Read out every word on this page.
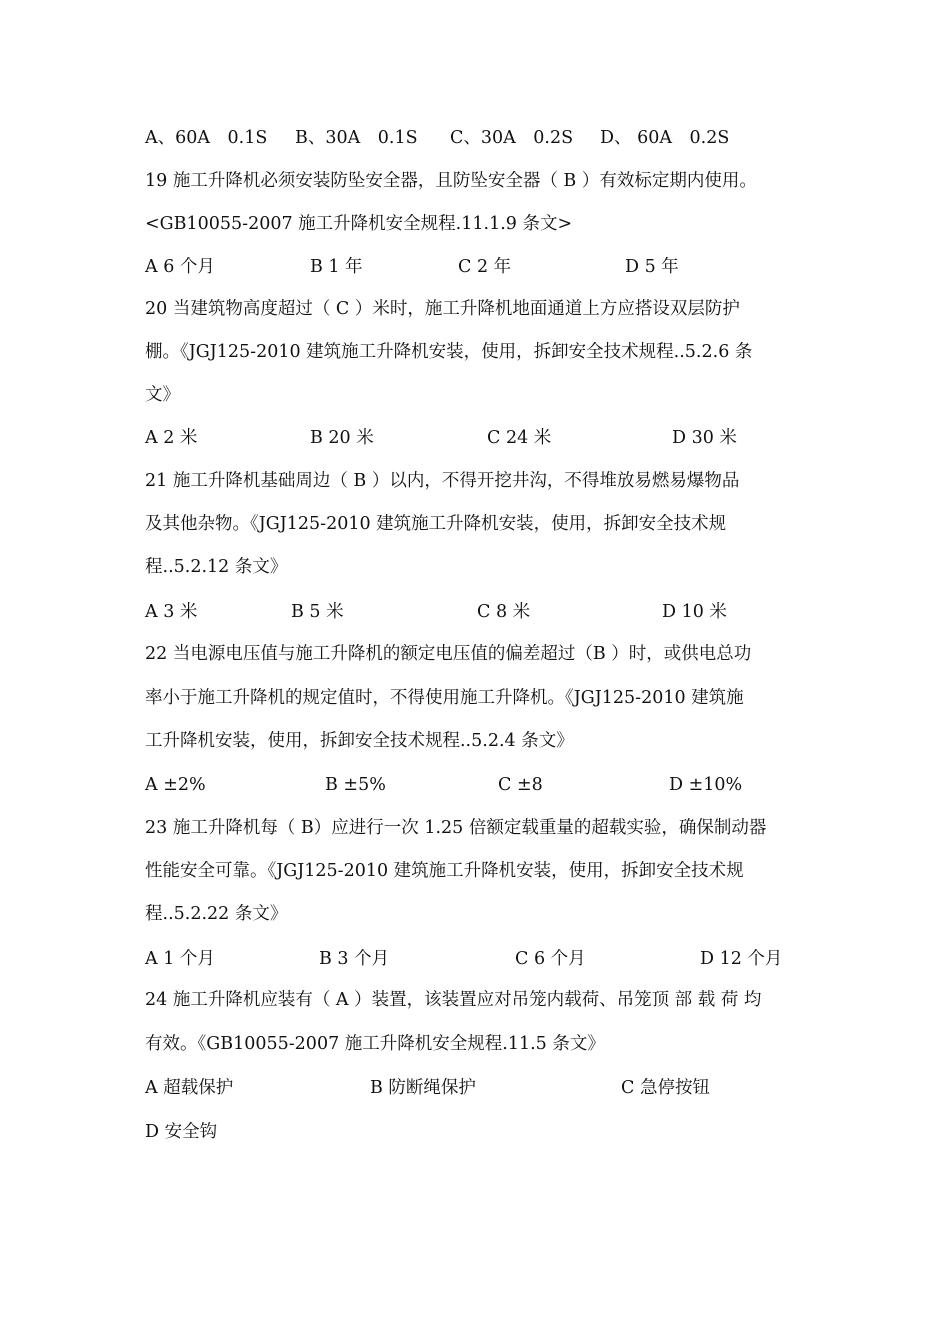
A、60A　0.1S B、30A　0.1S C、30A　0.2S D、 60A　0.2S
19 施工升降机必须安装防坠安全器，且防坠安全器（ B ）有效标定期内使用。
<GB10055-2007 施工升降机安全规程.11.1.9 条文>
A 6 个月	B 1 年	C 2 年	D 5 年
20 当建筑物高度超过（ C ）米时，施工升降机地面通道上方应搭设双层防护
棚。《JGJ125-2010 建筑施工升降机安装，使用，拆卸安全技术规程..5.2.6 条
文》
A 2 米	B 20 米	C 24 米	D 30 米
21 施工升降机基础周边（ B ）以内，不得开挖井沟，不得堆放易燃易爆物品
及其他杂物。《JGJ125-2010 建筑施工升降机安装，使用，拆卸安全技术规
程..5.2.12 条文》
A 3 米	B 5 米	C 8 米	D 10 米
22 当电源电压值与施工升降机的额定电压值的偏差超过（B ）时，或供电总功
率小于施工升降机的规定值时，不得使用施工升降机。《JGJ125-2010 建筑施
工升降机安装，使用，拆卸安全技术规程..5.2.4 条文》
A ±2%	B ±5%	C ±8	D ±10%
23 施工升降机每（ B）应进行一次 1.25 倍额定载重量的超载实验，确保制动器
性能安全可靠。《JGJ125-2010 建筑施工升降机安装，使用，拆卸安全技术规
程..5.2.22 条文》
A 1 个月	B 3 个月	C 6 个月	D 12 个月
24 施工升降机应装有（ A ）装置，该装置应对吊笼内载荷、吊笼顶 部 载 荷 均
有效。《GB10055-2007 施工升降机安全规程.11.5 条文》
A 超载保护	B 防断绳保护	C 急停按钮
D 安全钩
